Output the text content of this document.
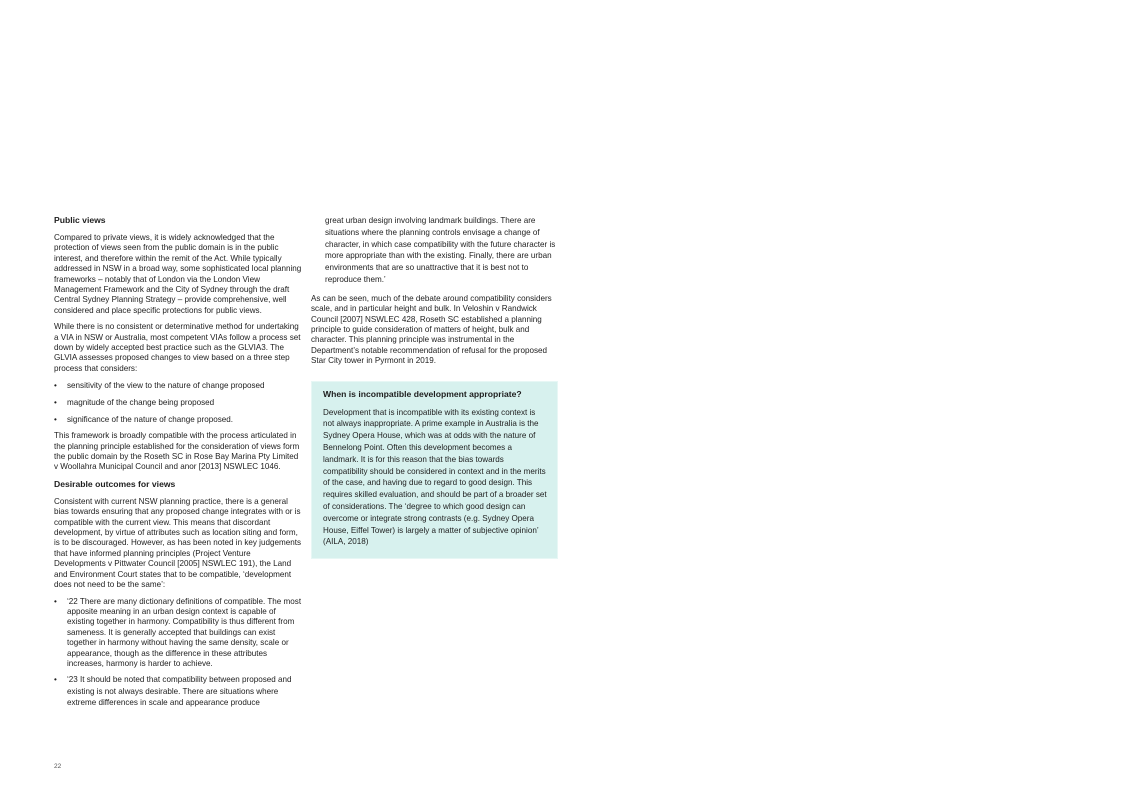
Public views

Compared to private views, it is widely acknowledged that the protection of views seen from the public domain is in the public interest, and therefore within the remit of the Act. While typically addressed in NSW in a broad way, some sophisticated local planning frameworks – notably that of London via the London View Management Framework and the City of Sydney through the draft Central Sydney Planning Strategy – provide comprehensive, well considered and place specific protections for public views.

While there is no consistent or determinative method for undertaking a VIA in NSW or Australia, most competent VIAs follow a process set down by widely accepted best practice such as the GLVIA3. The GLVIA assesses proposed changes to view based on a three step process that considers:

• sensitivity of the view to the nature of change proposed
• magnitude of the change being proposed
• significance of the nature of change proposed.

This framework is broadly compatible with the process articulated in the planning principle established for the consideration of views form the public domain by the Roseth SC in Rose Bay Marina Pty Limited v Woollahra Municipal Council and anor [2013] NSWLEC 1046.

Desirable outcomes for views

Consistent with current NSW planning practice, there is a general bias towards ensuring that any proposed change integrates with or is compatible with the current view. This means that discordant development, by virtue of attributes such as location siting and form, is to be discouraged. However, as has been noted in key judgements that have informed planning principles (Project Venture Developments v Pittwater Council [2005] NSWLEC 191), the Land and Environment Court states that to be compatible, ‘development does not need to be the same’:

• ‘22 There are many dictionary definitions of compatible. The most apposite meaning in an urban design context is capable of existing together in harmony. Compatibility is thus different from sameness. It is generally accepted that buildings can exist together in harmony without having the same density, scale or appearance, though as the difference in these attributes increases, harmony is harder to achieve.
• ‘23 It should be noted that compatibility between proposed and existing is not always desirable. There are situations where extreme differences in scale and appearance produce

great urban design involving landmark buildings. There are situations where the planning controls envisage a change of character, in which case compatibility with the future character is more appropriate than with the existing. Finally, there are urban environments that are so unattractive that it is best not to reproduce them.’

As can be seen, much of the debate around compatibility considers scale, and in particular height and bulk. In Veloshin v Randwick Council [2007] NSWLEC 428, Roseth SC established a planning principle to guide consideration of matters of height, bulk and character. This planning principle was instrumental in the Department’s notable recommendation of refusal for the proposed Star City tower in Pyrmont in 2019.

When is incompatible development appropriate?

Development that is incompatible with its existing context is not always inappropriate. A prime example in Australia is the Sydney Opera House, which was at odds with the nature of Bennelong Point. Often this development becomes a landmark. It is for this reason that the bias towards compatibility should be considered in context and in the merits of the case, and having due to regard to good design. This requires skilled evaluation, and should be part of a broader set of considerations. The ‘degree to which good design can overcome or integrate strong contrasts (e.g. Sydney Opera House, Eiffel Tower) is largely a matter of subjective opinion’ (AILA, 2018)

22
